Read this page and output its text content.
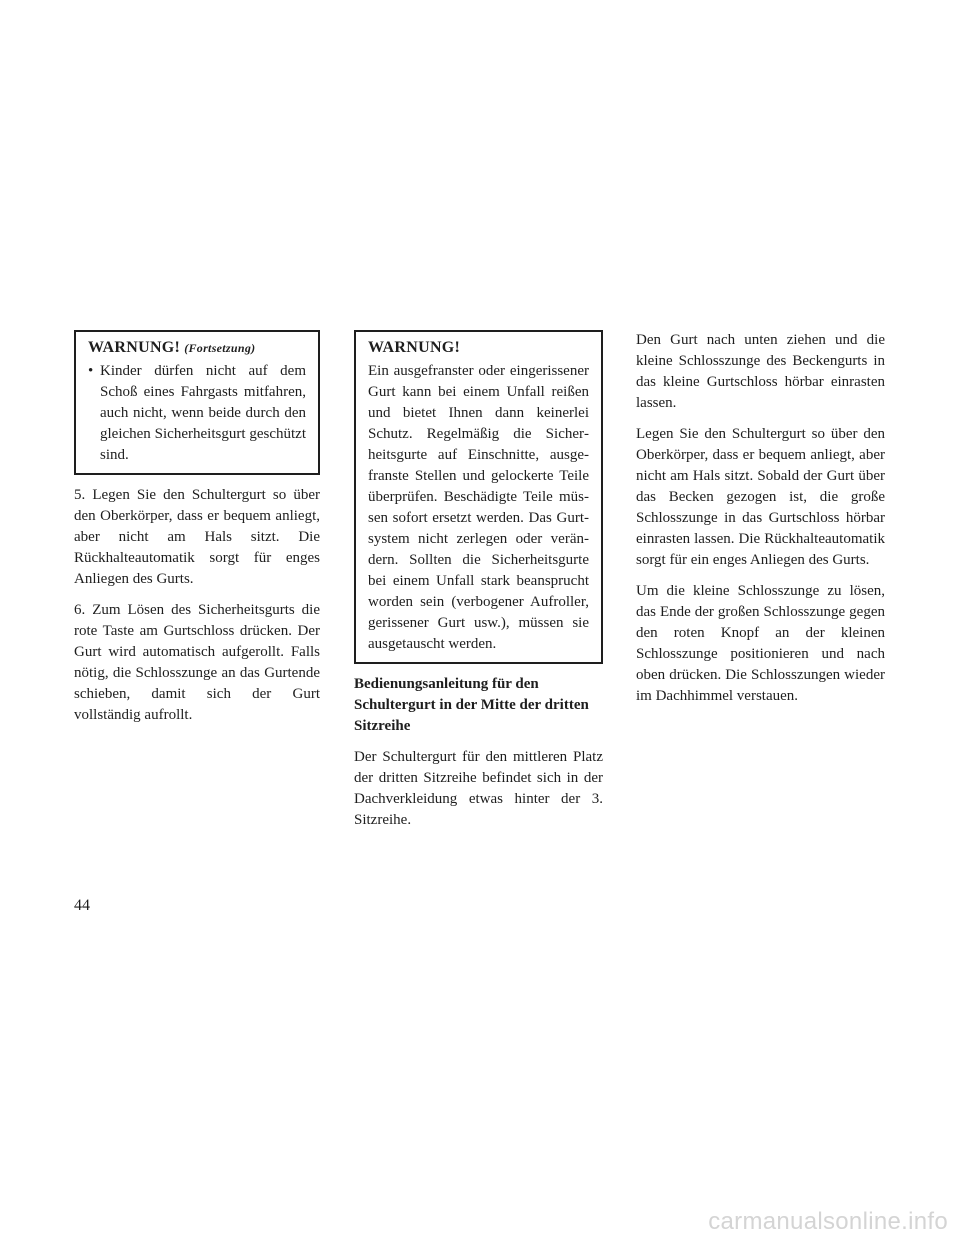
WARNUNG! (Fortsetzung)
• Kinder dürfen nicht auf dem Schoß eines Fahrgasts mitfahren, auch nicht, wenn beide durch den gleichen Sicherheitsgurt geschützt sind.

5. Legen Sie den Schultergurt so über den Oberkörper, dass er bequem anliegt, aber nicht am Hals sitzt. Die Rückhalteautomatik sorgt für enges Anliegen des Gurts.

6. Zum Lösen des Sicherheitsgurts die rote Taste am Gurtschloss drücken. Der Gurt wird automatisch aufgerollt. Falls nötig, die Schlosszunge an das Gurtende schieben, damit sich der Gurt vollständig aufrollt.

WARNUNG!
Ein ausgefranster oder eingerissener Gurt kann bei einem Unfall reißen und bietet Ihnen dann keinerlei Schutz. Regelmäßig die Sicherheitsgurte auf Einschnitte, ausgefranste Stellen und gelockerte Teile überprüfen. Beschädigte Teile müssen sofort ersetzt werden. Das Gurtsystem nicht zerlegen oder verändern. Sollten die Sicherheitsgurte bei einem Unfall stark beansprucht worden sein (verbogener Aufroller, gerissener Gurt usw.), müssen sie ausgetauscht werden.
Bedienungsanleitung für den Schultergurt in der Mitte der dritten Sitzreihe

Der Schultergurt für den mittleren Platz der dritten Sitzreihe befindet sich in der Dachverkleidung etwas hinter der 3. Sitzreihe.

Den Gurt nach unten ziehen und die kleine Schlosszunge des Beckengurts in das kleine Gurtschloss hörbar einrasten lassen.

Legen Sie den Schultergurt so über den Oberkörper, dass er bequem anliegt, aber nicht am Hals sitzt. Sobald der Gurt über das Becken gezogen ist, die große Schlosszunge in das Gurtschloss hörbar einrasten lassen. Die Rückhalteautomatik sorgt für ein enges Anliegen des Gurts.

Um die kleine Schlosszunge zu lösen, das Ende der großen Schlosszunge gegen den roten Knopf an der kleinen Schlosszunge positionieren und nach oben drücken. Die Schlosszungen wieder im Dachhimmel verstauen.

44
carmanualsonline.info
